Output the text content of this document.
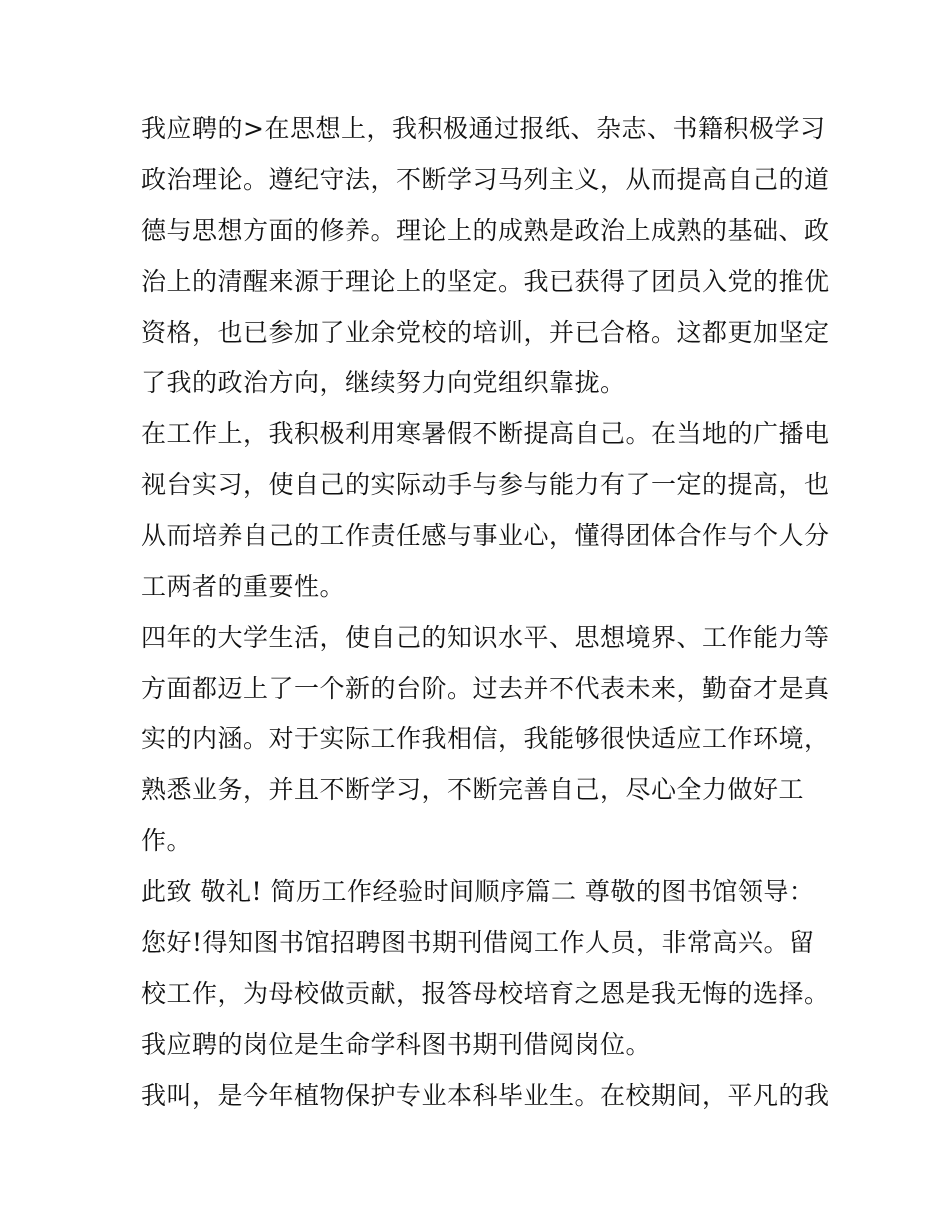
我应聘的>在思想上，我积极通过报纸、杂志、书籍积极学习
政治理论。遵纪守法，不断学习马列主义，从而提高自己的道
德与思想方面的修养。理论上的成熟是政治上成熟的基础、政
治上的清醒来源于理论上的坚定。我已获得了团员入党的推优
资格，也已参加了业余党校的培训，并已合格。这都更加坚定
了我的政治方向，继续努力向党组织靠拢。
在工作上，我积极利用寒暑假不断提高自己。在当地的广播电
视台实习，使自己的实际动手与参与能力有了一定的提高，也
从而培养自己的工作责任感与事业心，懂得团体合作与个人分
工两者的重要性。
四年的大学生活，使自己的知识水平、思想境界、工作能力等
方面都迈上了一个新的台阶。过去并不代表未来，勤奋才是真
实的内涵。对于实际工作我相信，我能够很快适应工作环境，
熟悉业务，并且不断学习，不断完善自己，尽心全力做好工
作。
此致 敬礼! 简历工作经验时间顺序篇二 尊敬的图书馆领导：
您好!得知图书馆招聘图书期刊借阅工作人员，非常高兴。留
校工作，为母校做贡献，报答母校培育之恩是我无悔的选择。
我应聘的岗位是生命学科图书期刊借阅岗位。
我叫，是今年植物保护专业本科毕业生。在校期间，平凡的我
